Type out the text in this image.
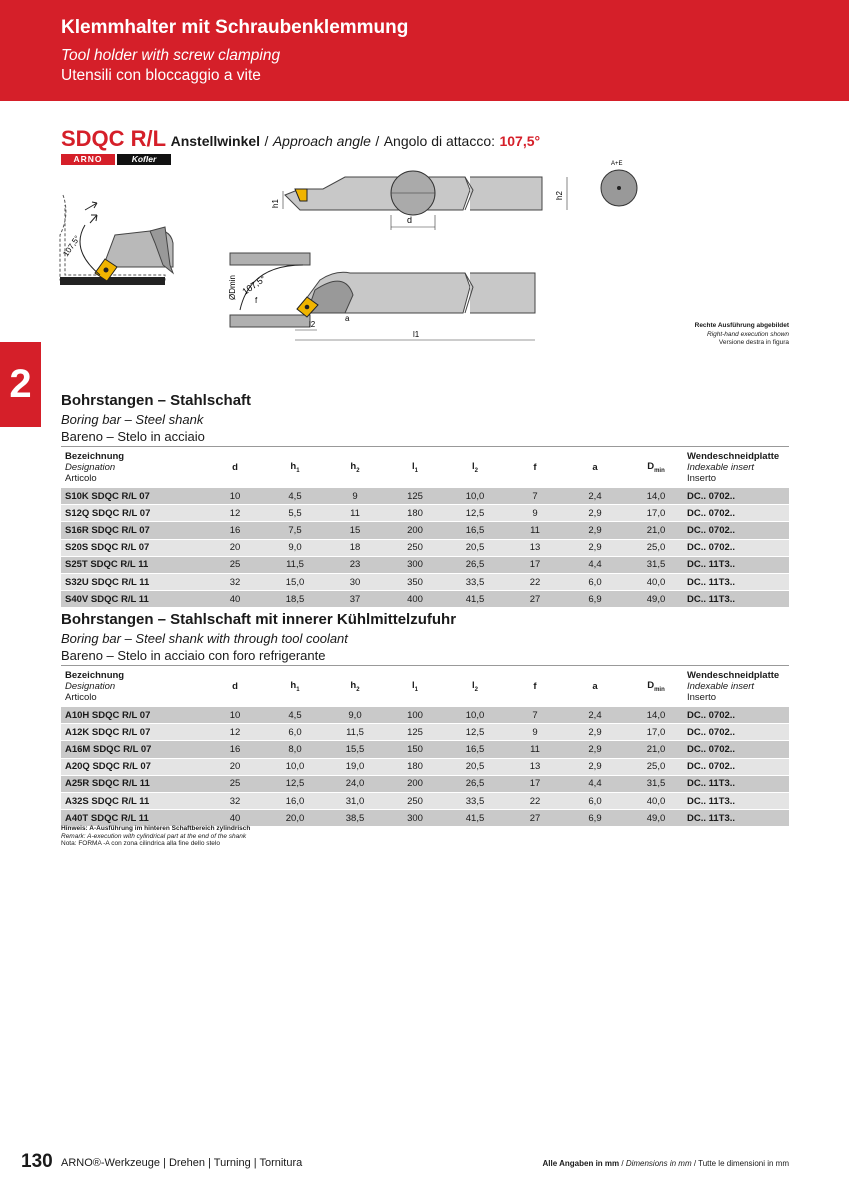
Klemmhalter mit Schraubenklemmung
Tool holder with screw clamping
Utensili con bloccaggio a vite
2
SDQC R/L Anstellwinkel / Approach angle / Angolo di attacco: 107,5°
ARNO	Kofler
107,5°
d
h1
h2
A+E
107,5°
ØDmin
f
a
l1
l2	Rechte Ausführung abgebildet
Right-hand execution shown
Versione destra in figura
Bohrstangen – Stahlschaft
Boring bar – Steel shank
Bareno – Stelo in acciaio
Bezeichnung
Designation
Articolo	d	$h_1$	$h_2$	$l_1$	$l_2$	f	a	$D_{min}$	Wendeschneidplatte
Indexable insert
Inserto
S10K SDQC R/L 07	10	4,5	9	125	10,0	7	2,4	14,0	DC.. 0702..
S12Q SDQC R/L 07	12	5,5	11	180	12,5	9	2,9	17,0	DC.. 0702..
S16R SDQC R/L 07	16	7,5	15	200	16,5	11	2,9	21,0	DC.. 0702..
S20S SDQC R/L 07	20	9,0	18	250	20,5	13	2,9	25,0	DC.. 0702..
S25T SDQC R/L 11	25	11,5	23	300	26,5	17	4,4	31,5	DC.. 11T3..
S32U SDQC R/L 11	32	15,0	30	350	33,5	22	6,0	40,0	DC.. 11T3..
S40V SDQC R/L 11	40	18,5	37	400	41,5	27	6,9	49,0	DC.. 11T3..
Bohrstangen – Stahlschaft mit innerer Kühlmittelzufuhr
Boring bar – Steel shank with through tool coolant
Bareno – Stelo in acciaio con foro refrigerante
Bezeichnung
Designation
Articolo	d	$h_1$	$h_2$	$l_1$	$l_2$	f	a	$D_{min}$	Wendeschneidplatte
Indexable insert
Inserto
A10H SDQC R/L 07	10	4,5	9,0	100	10,0	7	2,4	14,0	DC.. 0702..
A12K SDQC R/L 07	12	6,0	11,5	125	12,5	9	2,9	17,0	DC.. 0702..
A16M SDQC R/L 07	16	8,0	15,5	150	16,5	11	2,9	21,0	DC.. 0702..
A20Q SDQC R/L 07	20	10,0	19,0	180	20,5	13	2,9	25,0	DC.. 0702..
A25R SDQC R/L 11	25	12,5	24,0	200	26,5	17	4,4	31,5	DC.. 11T3..
A32S SDQC R/L 11	32	16,0	31,0	250	33,5	22	6,0	40,0	DC.. 11T3..
A40T SDQC R/L 11	40	20,0	38,5	300	41,5	27	6,9	49,0	DC.. 11T3..
Hinweis: A-Ausführung im hinteren Schaftbereich zylindrisch
Remark: A-execution with cylindrical part at the end of the shank
Nota: FORMA -A con zona cilindrica alla fine dello stelo
130 ARNO®-Werkzeuge | Drehen | Turning | Tornitura	Alle Angaben in mm / Dimensions in mm / Tutte le dimensioni in mm
